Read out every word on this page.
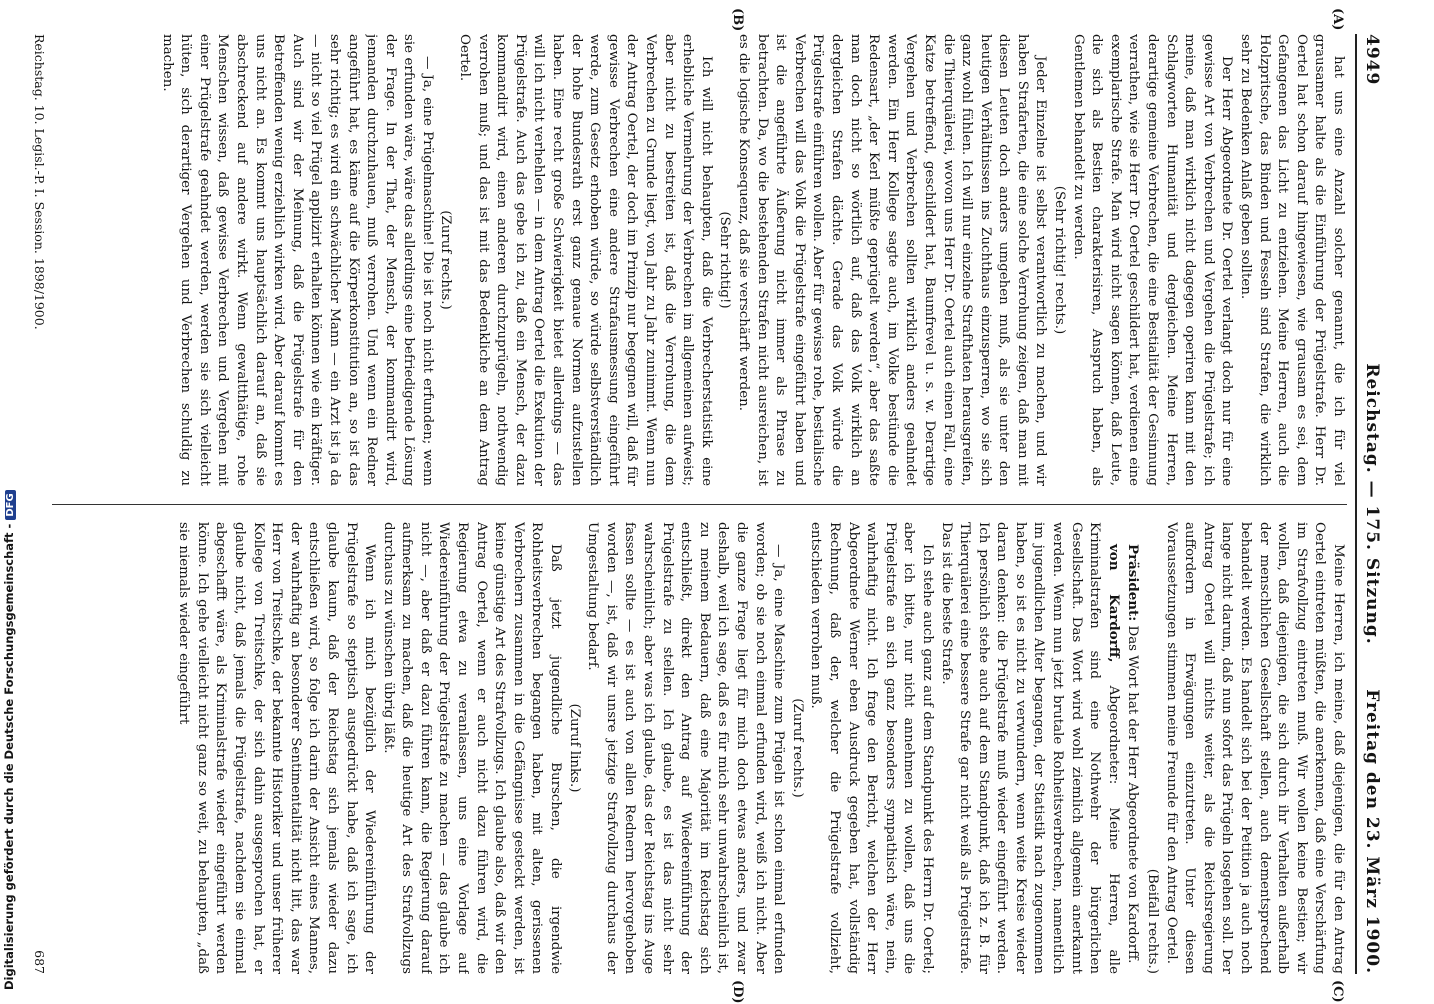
Digitalisierung gefördert durch die Deutsche Forschungsgemeinschaft -DFG
4949
Reichstag. — 175. Sitzung.
Freitag den 23. März 1900.

hat uns eine Anzahl solcher genannt, die ich für viel grausamer halte als die Einführung der Prügelstrafe. Herr Dr. Oertel hat schon darauf hingewiesen, wie grausam es sei, dem Gefangenen das Licht zu entziehen. Meine Herren, auch die Holzpritsche, das Binden und Fesseln sind Strafen, die wirklich sehr zu Bedenken Anlaß geben sollten.

Der Herr Abgeordnete Dr. Oertel verlangt doch nur für eine gewisse Art von Verbrechen und Vergehen die Prügelstrafe; ich meine, daß man wirklich nicht dagegen operiren kann mit den Schlagworten Humanität und dergleichen. Meine Herren, derartige gemeine Verbrechen, die eine Bestialität der Gesinnung verrathen, wie sie Herr Dr. Oertel geschildert hat, verdienen eine exemplarische Strafe. Man wird nicht sagen können, daß Leute, die sich als Bestien charakterisiren, Anspruch haben, als Gentlemen behandelt zu werden.

(Sehr richtig! rechts.)

Jeder Einzelne ist selbst verantwortlich zu machen, und wir haben Strafarten, die eine solche Verrohung zeigen, daß man mit diesen Leuten doch anders umgehen muß, als sie unter den heutigen Verhältnissen ins Zuchthaus einzusperren, wo sie sich ganz wohl fühlen. Ich will nur einzelne Strafthaten herausgreifen, die Thierquälerei, wovon uns Herr Dr. Oertel auch einen Fall, eine Katze betreffend, geschildert hat, Baumfrevel u. s. w. Derartige Vergehen und Verbrechen sollten wirklich anders geahndet werden. Ein Herr Kollege sagte auch, im Volke bestünde die Redensart, „der Kerl müßte geprügelt werden“, aber das saßte man doch nicht so wörtlich auf, daß das Volk wirklich an dergleichen Strafen dächte. Gerade das Volk würde die Prügelstrafe einführen wollen. Aber für gewisse rohe, bestialische Verbrechen will das Volk die Prügelstrafe eingeführt haben und ist die angeführte Äußerung nicht immer als Phrase zu betrachten. Da, wo die bestehenden Strafen nicht ausreichen, ist es die logische Konsequenz, daß sie verschärft werden.

(Sehr richtig!)

Ich will nicht behaupten, daß die Verbrecherstatistik eine erhebliche Vermehrung der Verbrechen im allgemeinen aufweist; aber nicht zu bestreiten ist, daß die Verrohung, die dem Verbrechen zu Grunde liegt, von Jahr zu Jahr zunimmt. Wenn nun der Antrag Oertel, der doch im Prinzip nur begegnen will, daß für gewisse Verbrechen eine andere Strafausmessung eingeführt werde, zum Gesetz erhoben würde, so würde selbstverständlich der hohe Bundesrath erst ganz genaue Normen aufzustellen haben. Eine recht große Schwierigkeit bietet allerdings — das will ich nicht verhehlen — in dem Antrag Oertel die Exekution der Prügelstrafe. Auch das gebe ich zu, daß ein Mensch, der dazu kommandirt wird, einen anderen durchzuprügeln, nothwendig verrohen muß; und das ist mit das Bedenkliche an dem Antrag Oertel.

(Zuruf rechts.)

— Ja, eine Prügelmaschine! Die ist noch nicht erfunden; wenn sie erfunden wäre, wäre das allerdings eine befriedigende Lösung der Frage. In der That, der Mensch, der kommandirt wird, jemanden durchzuhauen, muß verrohen. Und wenn ein Redner angeführt hat, es käme auf die Körperkonstitution an, so ist das sehr richtig; es wird ein schwächlicher Mann — ein Arzt ist ja da — nicht so viel Prügel applizirt erhalten können wie ein kräftiger. Auch sind wir der Meinung, daß die Prügelstrafe für den Betreffenden wenig erziehlich wirken wird. Aber darauf kommt es uns nicht an. Es kommt uns hauptsächlich darauf an, daß sie abschreckend auf andere wirkt. Wenn gewaltthätige, rohe Menschen wissen, daß gewisse Verbrechen und Vergehen mit einer Prügelstrafe geahndet werden, werden sie sich vielleicht hüten, sich derartiger Vergehen und Verbrechen schuldig zu machen.

Meine Herren, ich meine, daß diejenigen, die für den Antrag Oertel eintreten müßten, die anerkennen, daß eine Verschärfung im Strafvollzug eintreten muß. Wir wollen keine Bestien; wir wollen, daß diejenigen, die sich durch ihr Verhalten außerhalb der menschlichen Gesellschaft stellen, auch dementsprechend behandelt werden. Es handelt sich bei der Petition ja auch noch lange nicht darum, daß nun sofort das Prügeln losgehen soll. Der Antrag Oertel will nichts weiter, als die Reichsregierung auffordern in Erwägungen einzutreten. Unter diesen Voraussetzungen stimmen meine Freunde für den Antrag Oertel.

(Beifall rechts.)

Präsident: Das Wort hat der Herr Abgeordnete von Kardorff.

von Kardorff, Abgeordneter: Meine Herren, alle Kriminalstrafen sind eine Nothwehr der bürgerlichen Gesellschaft. Das Wort wird wohl ziemlich allgemein anerkannt werden. Wenn nun jetzt brutale Rohheitsverbrechen, namentlich im jugendlichen Alter begangen, der Statistik nach zugenommen haben, so ist es nicht zu verwundern, wenn weite Kreise wieder daran denken: die Prügelstrafe muß wieder eingeführt werden. Ich persönlich stehe auch auf dem Standpunkt, daß ich z. B. für Thierquälerei eine bessere Strafe gar nicht weiß als Prügelstrafe. Das ist die beste Strafe.

Ich stehe auch ganz auf dem Standpunkt des Herrn Dr. Oertel; aber ich bitte, nur nicht annehmen zu wollen, daß uns die Prügelstrafe an sich ganz besonders sympathisch wäre, nein, wahrhaftig nicht. Ich frage den Bericht, welchen der Herr Abgeordnete Werner eben Ausdruck gegeben hat, vollständig Rechnung, daß der, welcher die Prügelstrafe vollzieht, entschieden verrohen muß.

(Zuruf rechts.)

— Ja, eine Maschine zum Prügeln ist schon einmal erfunden worden; ob sie noch einmal erfunden wird, weiß ich nicht. Aber die ganze Frage liegt für mich doch etwas anders, und zwar deshalb, weil ich sage, daß es für mich sehr unwahrscheinlich ist, zu meinem Bedauern, daß eine Majorität im Reichstag sich entschließt, direkt den Antrag auf Wiedereinführung der Prügelstrafe zu stellen. Ich glaube, es ist das nicht sehr wahrscheinlich; aber was ich glaube, das der Reichstag ins Auge fassen sollte — es ist auch von allen Rednern hervorgehoben worden —, ist, daß wir unsre jetzige Strafvollzug durchaus der Umgestaltung bedarf.

(Zuruf links.)

Daß jetzt jugendliche Burschen, die irgendwie Rohheitsverbrechen begangen haben, mit alten, gerissenen Verbrechern zusammen in die Gefängnisse gesteckt werden, ist keine günstige Art des Strafvollzugs. Ich glaube also, daß wir den Antrag Oertel, wenn er auch nicht dazu führen wird, die Regierung etwa zu veranlassen, uns eine Vorlage auf Wiedereinführung der Prügelstrafe zu machen — das glaube ich nicht —, aber daß er dazu führen kann, die Regierung darauf aufmerksam zu machen, daß die heutige Art des Strafvollzugs durchaus zu wünschen übrig läßt.

Wenn ich mich bezüglich der Wiedereinführung der Prügelstrafe so steptisch ausgedrückt habe, daß ich sage, ich glaube kaum, daß der Reichstag sich jemals wieder dazu entschließen wird, so folge ich darin der Ansicht eines Mannes, der wahrhaftig an besonderer Sentimentalität nicht litt, das war Herr von Treitschke, der bekannte Historiker und unser früherer Kollege von Treitschke, der sich dahin ausgesprochen hat, er glaube nicht, daß jemals die Prügelstrafe, nachdem sie einmal abgeschafft wäre, als Kriminalstrafe wieder eingeführt werden könne. Ich gehe vielleicht nicht ganz so weit, zu behaupten, „daß sie niemals wieder eingeführt

(A)
(B)
(C)
(D)
Reichstag. 10. Legisl.-P. I. Session. 1898/1900.
687
